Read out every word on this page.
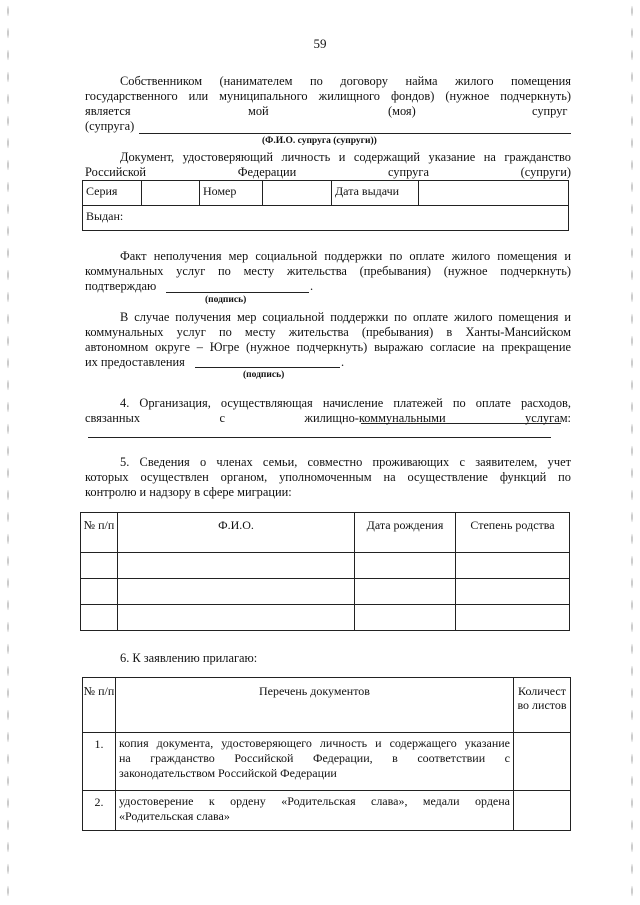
59
Собственником (нанимателем по договору найма жилого помещения
государственного или муниципального жилищного фондов) (нужное подчеркнуть)
является	мой	(моя)	супруг
(супруга)
(Ф.И.О. супруга (супруги))
Документ, удостоверяющий личность и содержащий указание на гражданство
Российской Федерации супруга (супруги)
Серия		Номер		Дата выдачи	
Выдан:
Факт неполучения мер социальной поддержки по оплате жилого помещения и
коммунальных услуг по месту жительства (пребывания) (нужное подчеркнуть)
подтверждаю	.
(подпись)
В случае получения мер социальной поддержки по оплате жилого помещения и
коммунальных услуг по месту жительства (пребывания) в Ханты-Мансийском
автономном округе – Югре (нужное подчеркнуть) выражаю согласие на прекращение
их предоставления	.
(подпись)
4. Организация, осуществляющая начисление платежей по оплате расходов,
связанных с жилищно-коммунальными услугам:
5. Сведения о членах семьи, совместно проживающих с заявителем, учет
которых осуществлен органом, уполномоченным на осуществление функций по
контролю и надзору в сфере миграции:
№ п/п	Ф.И.О.	Дата рождения	Степень родства

6. К заявлению прилагаю:
№ п/п	Перечень документов	Количество листов
1.	копия документа, удостоверяющего личность и содержащего указание
на гражданство Российской Федерации, в соответствии с
законодательством Российской Федерации	

2.	удостоверение к ордену «Родительская слава», медали ордена
«Родительская слава»	
